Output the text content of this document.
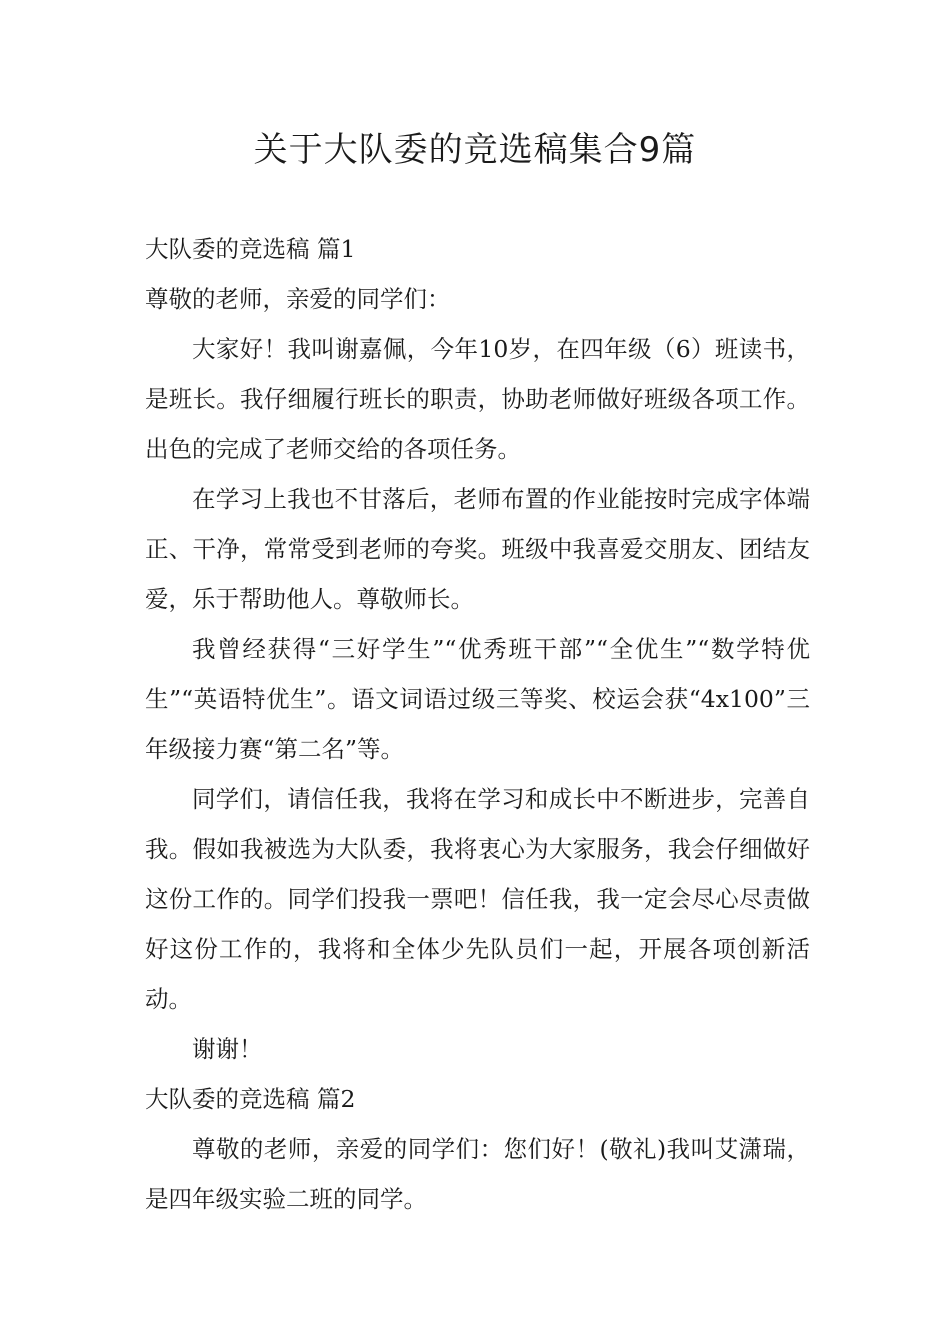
关于大队委的竞选稿集合9篇

大队委的竞选稿 篇1

尊敬的老师，亲爱的同学们：

大家好！我叫谢嘉佩，今年10岁，在四年级（6）班读书，是班长。我仔细履行班长的职责，协助老师做好班级各项工作。出色的完成了老师交给的各项任务。

在学习上我也不甘落后，老师布置的作业能按时完成字体端正、干净，常常受到老师的夸奖。班级中我喜爱交朋友、团结友爱，乐于帮助他人。尊敬师长。

我曾经获得“三好学生”“优秀班干部”“全优生”“数学特优生”“英语特优生”。语文词语过级三等奖、校运会获“4x100”三年级接力赛“第二名”等。

同学们，请信任我，我将在学习和成长中不断进步，完善自我。假如我被选为大队委，我将衷心为大家服务，我会仔细做好这份工作的。同学们投我一票吧！信任我，我一定会尽心尽责做好这份工作的，我将和全体少先队员们一起，开展各项创新活动。

谢谢！

大队委的竞选稿 篇2

尊敬的老师，亲爱的同学们：您们好！(敬礼)我叫艾潇瑞，是四年级实验二班的同学。
